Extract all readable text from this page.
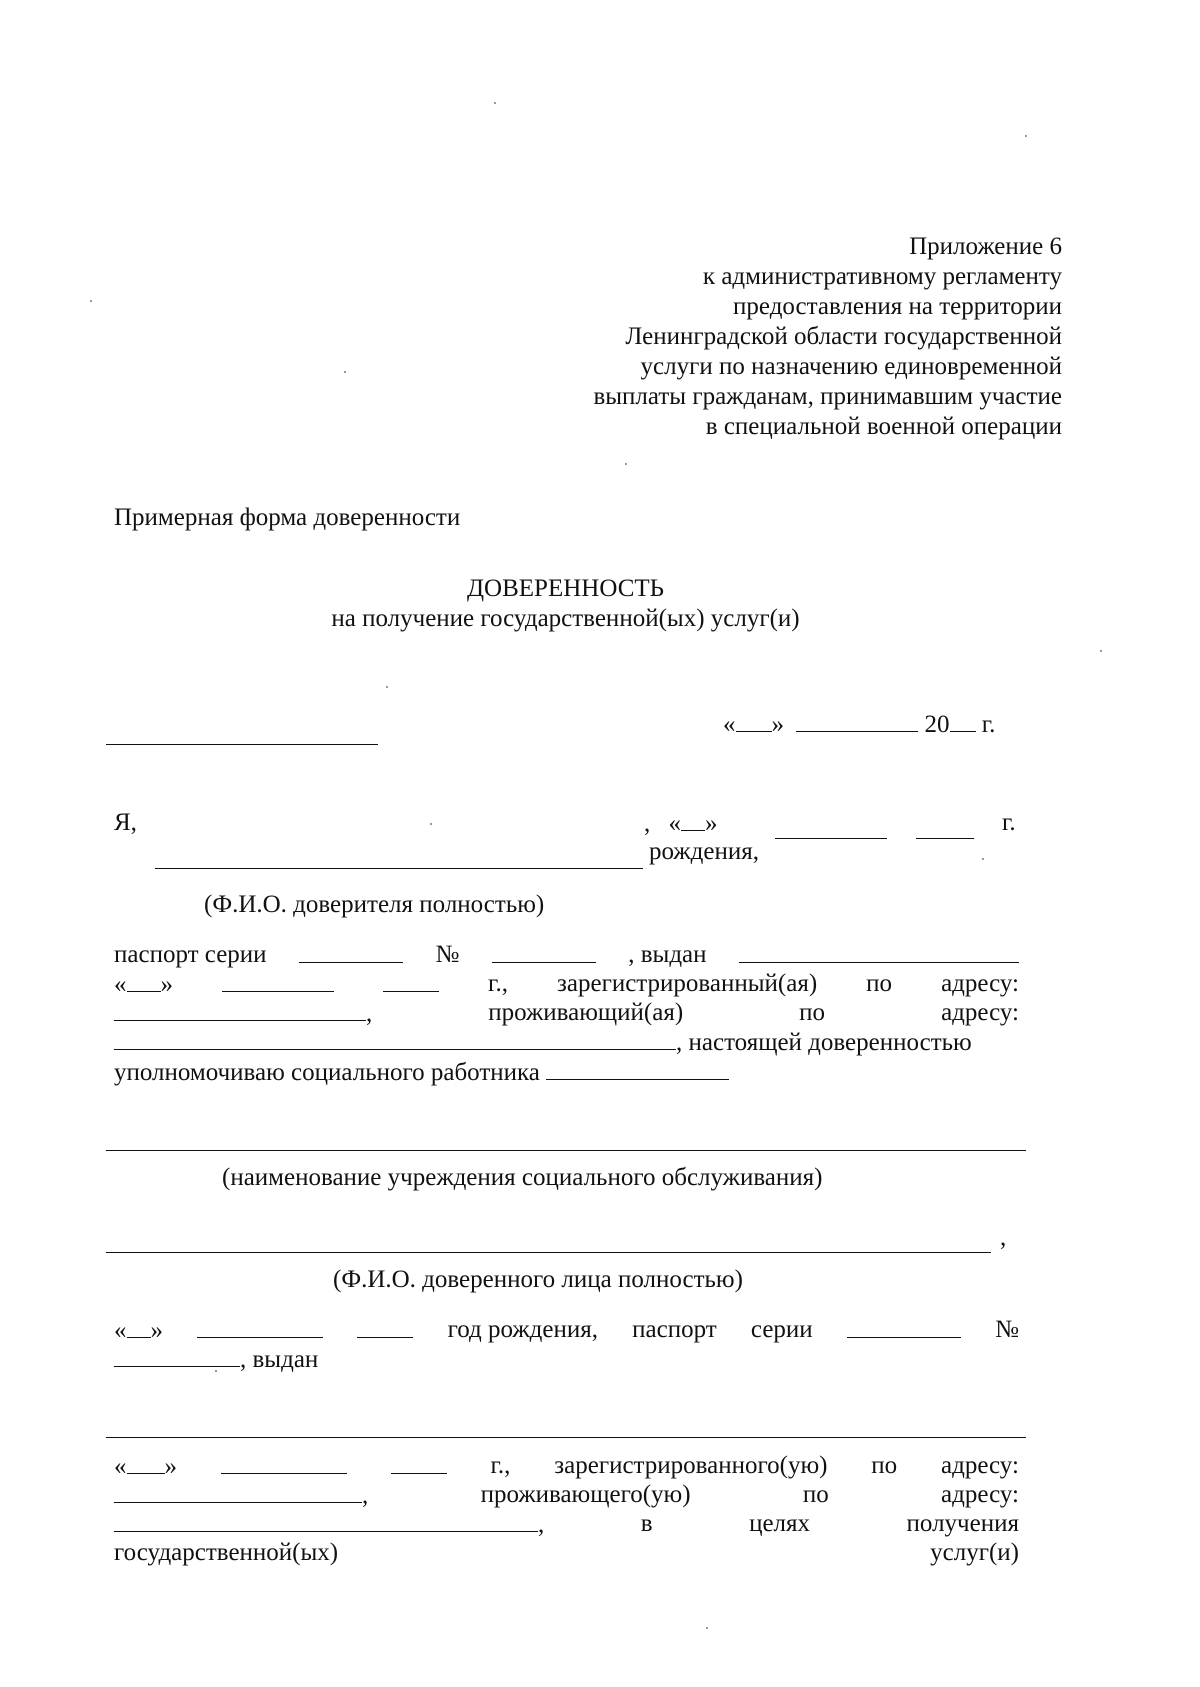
Приложение 6
к административному регламенту
предоставления на территории
Ленинградской области государственной
услуги по назначению единовременной
выплаты гражданам, принимавшим участие
в специальной военной операции
Примерная форма доверенности
ДОВЕРЕННОСТЬ
на получение государственной(ых) услуг(и)
« »	20 г.
Я,	, « »	г.
рождения,
(Ф.И.О. доверителя полностью)
паспорт серии	№	, выдан
« »	г., зарегистрированный(ая) по адресу:
,	проживающий(ая)	по	адресу:
, настоящей доверенностью
уполномочиваю социального работника
(наименование учреждения социального обслуживания)
,
(Ф.И.О. доверенного лица полностью)
« »	год рождения, паспорт серии	№
, выдан
« »	г., зарегистрированного(ую) по адресу:
,	проживающего(ую)	по	адресу:
,	в	целях	получения
государственной(ых)	услуг(и)
